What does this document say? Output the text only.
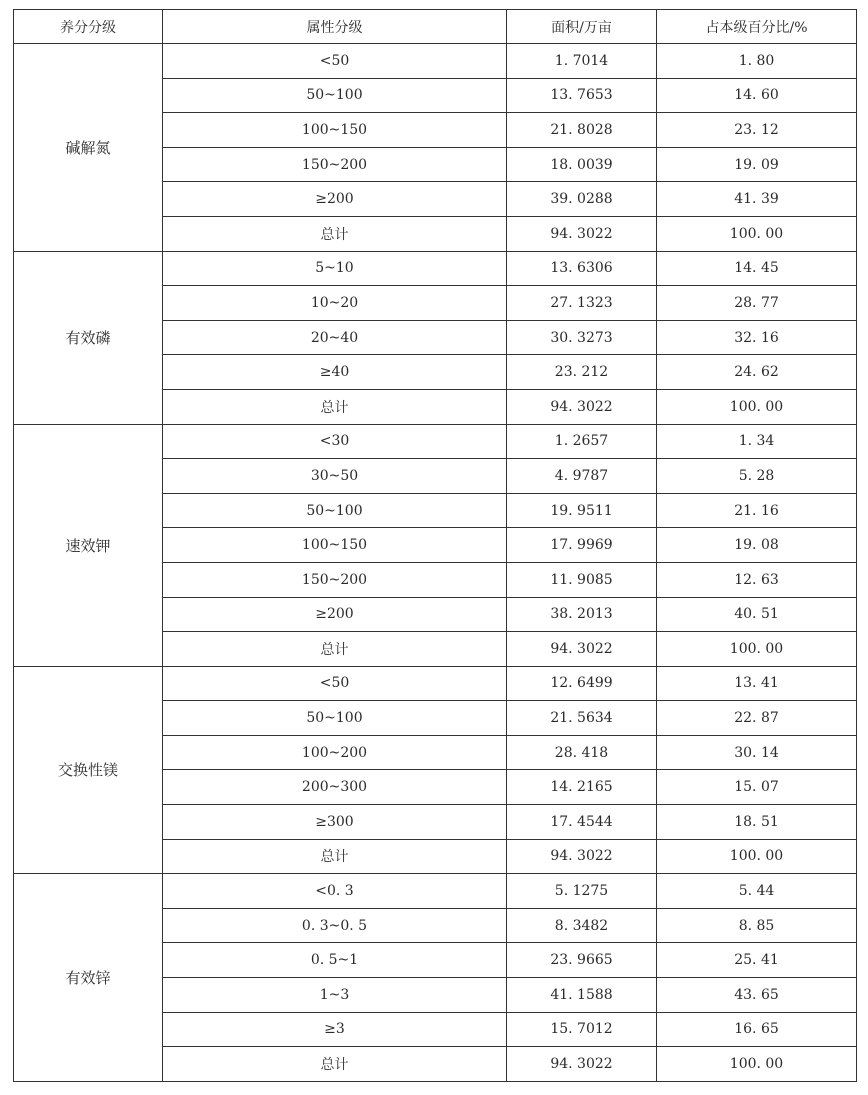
养分分级	属性分级	面积/万亩	占本级百分比/%
碱解氮	<50	1. 7014	1. 80
	50~100	13. 7653	14. 60
	100~150	21. 8028	23. 12
	150~200	18. 0039	19. 09
	≥200	39. 0288	41. 39
	总计	94. 3022	100. 00
有效磷	5~10	13. 6306	14. 45
	10~20	27. 1323	28. 77
	20~40	30. 3273	32. 16
	≥40	23. 212	24. 62
	总计	94. 3022	100. 00
速效钾	<30	1. 2657	1. 34
	30~50	4. 9787	5. 28
	50~100	19. 9511	21. 16
	100~150	17. 9969	19. 08
	150~200	11. 9085	12. 63
	≥200	38. 2013	40. 51
	总计	94. 3022	100. 00
交换性镁	<50	12. 6499	13. 41
	50~100	21. 5634	22. 87
	100~200	28. 418	30. 14
	200~300	14. 2165	15. 07
	≥300	17. 4544	18. 51
	总计	94. 3022	100. 00
有效锌	<0. 3	5. 1275	5. 44
	0. 3~0. 5	8. 3482	8. 85
	0. 5~1	23. 9665	25. 41
	1~3	41. 1588	43. 65
	≥3	15. 7012	16. 65
	总计	94. 3022	100. 00
